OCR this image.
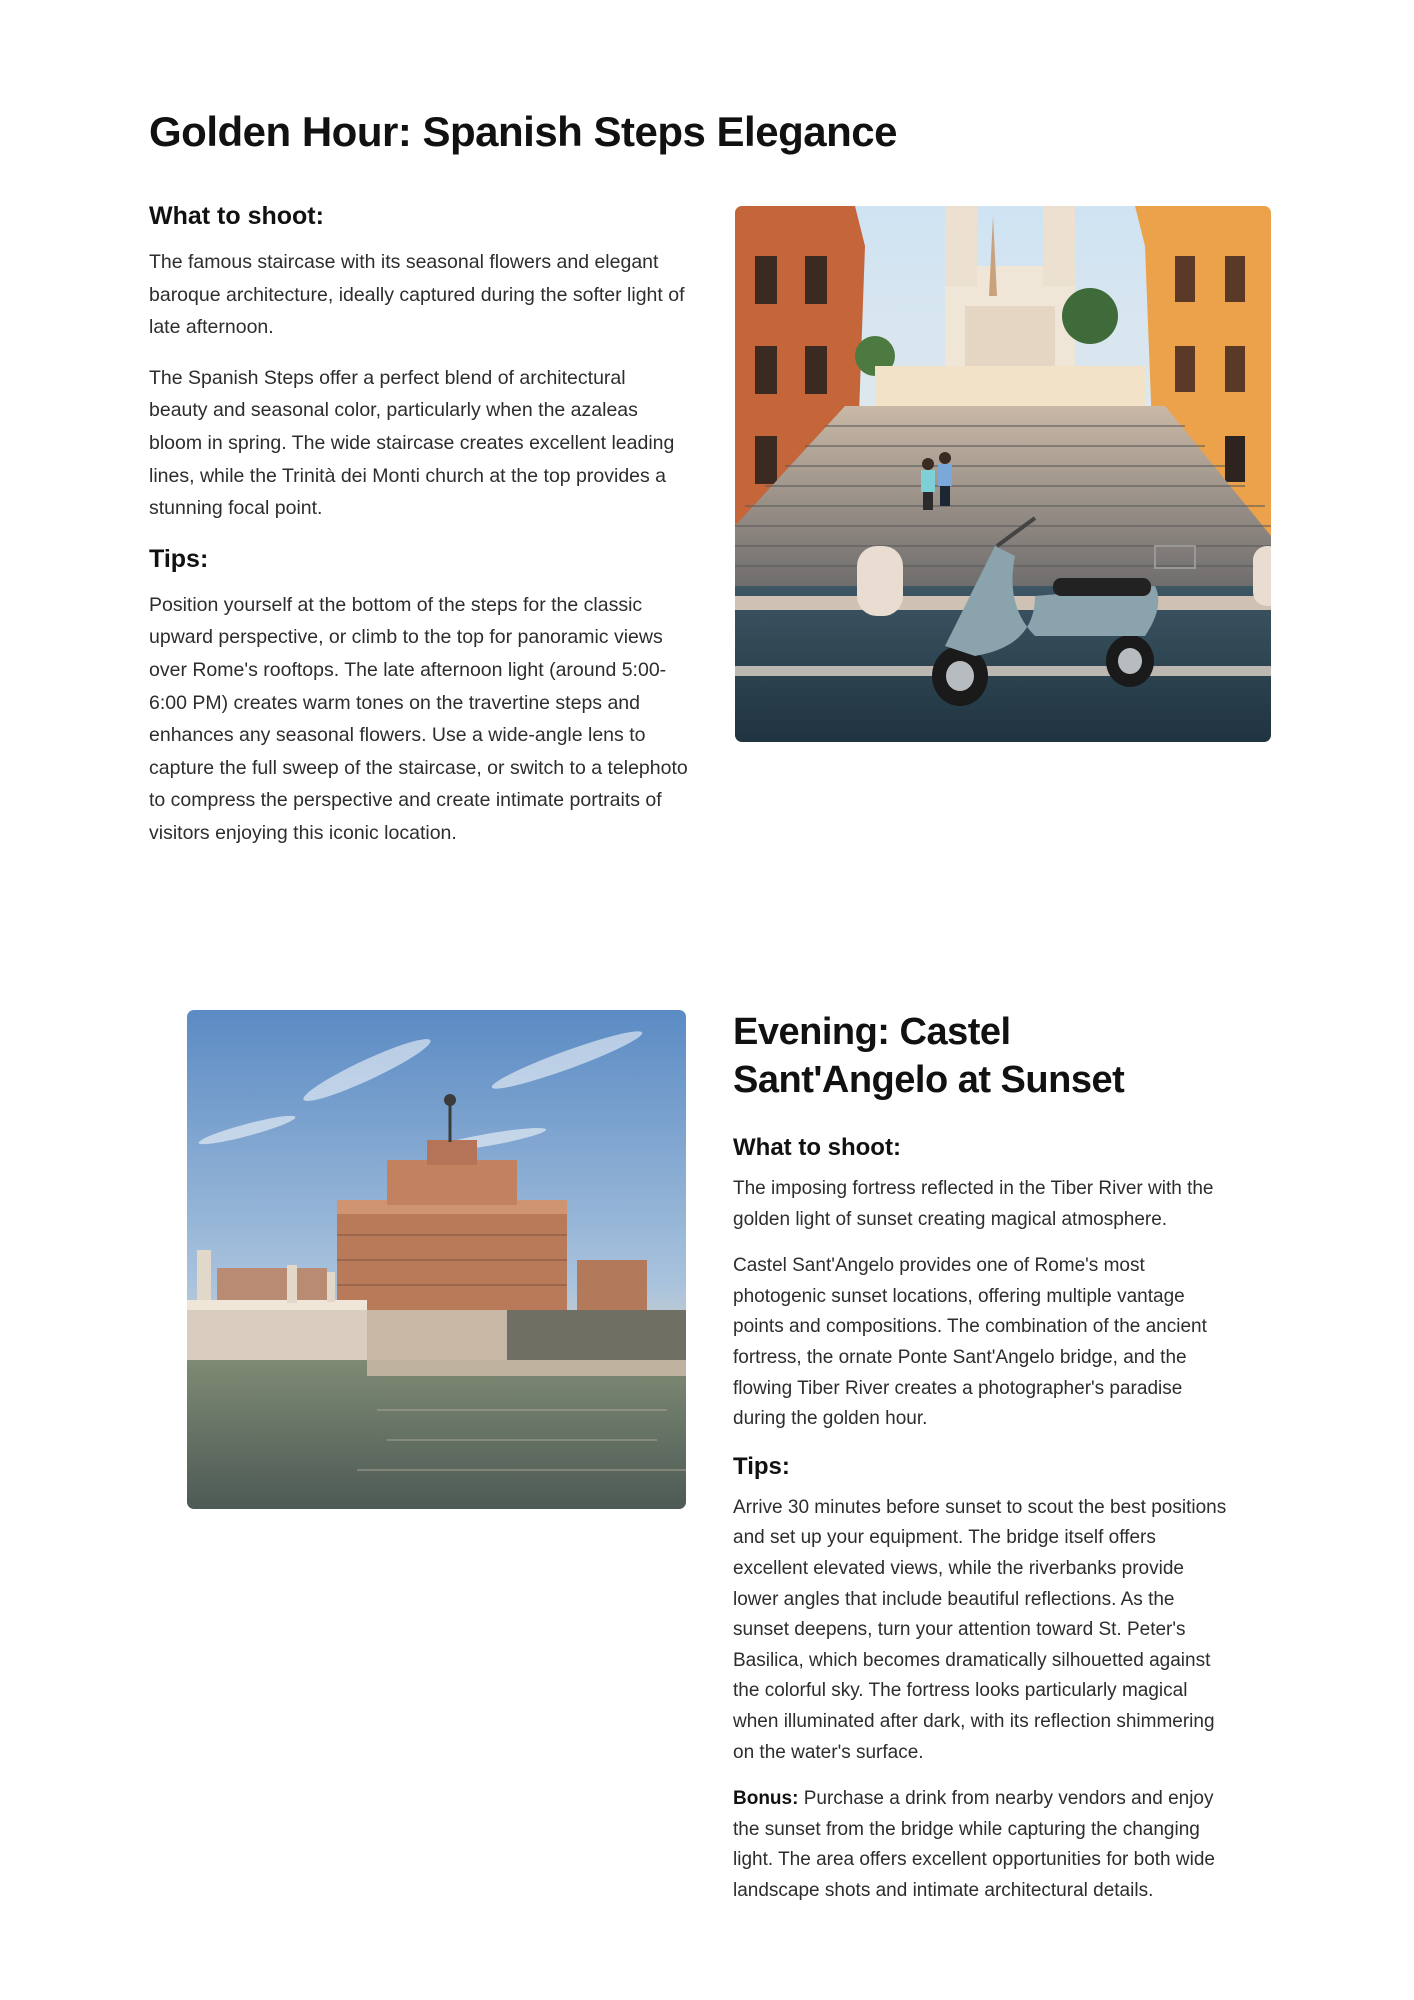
Golden Hour: Spanish Steps Elegance
What to shoot:

The famous staircase with its seasonal flowers and elegant baroque architecture, ideally captured during the softer light of late afternoon.

The Spanish Steps offer a perfect blend of architectural beauty and seasonal color, particularly when the azaleas bloom in spring. The wide staircase creates excellent leading lines, while the Trinità dei Monti church at the top provides a stunning focal point.

Tips:

Position yourself at the bottom of the steps for the classic upward perspective, or climb to the top for panoramic views over Rome's rooftops. The late afternoon light (around 5:00-6:00 PM) creates warm tones on the travertine steps and enhances any seasonal flowers. Use a wide-angle lens to capture the full sweep of the staircase, or switch to a telephoto to compress the perspective and create intimate portraits of visitors enjoying this iconic location.

Evening: Castel Sant'Angelo at Sunset
What to shoot:

The imposing fortress reflected in the Tiber River with the golden light of sunset creating magical atmosphere.

Castel Sant'Angelo provides one of Rome's most photogenic sunset locations, offering multiple vantage points and compositions. The combination of the ancient fortress, the ornate Ponte Sant'Angelo bridge, and the flowing Tiber River creates a photographer's paradise during the golden hour.

Tips:

Arrive 30 minutes before sunset to scout the best positions and set up your equipment. The bridge itself offers excellent elevated views, while the riverbanks provide lower angles that include beautiful reflections. As the sunset deepens, turn your attention toward St. Peter's Basilica, which becomes dramatically silhouetted against the colorful sky. The fortress looks particularly magical when illuminated after dark, with its reflection shimmering on the water's surface.

Bonus: Purchase a drink from nearby vendors and enjoy the sunset from the bridge while capturing the changing light. The area offers excellent opportunities for both wide landscape shots and intimate architectural details.
